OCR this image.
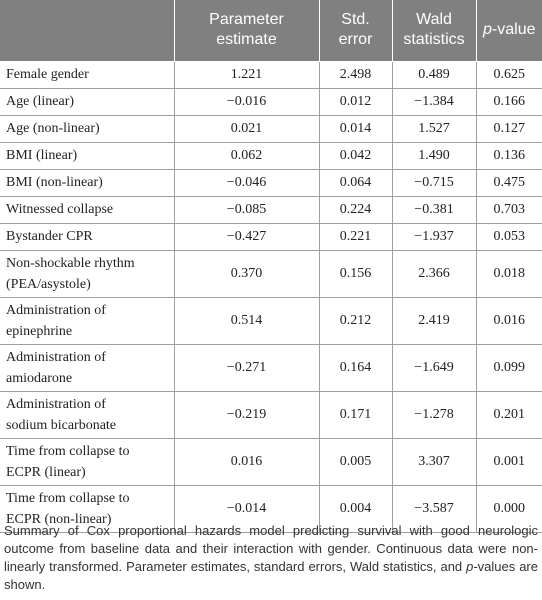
	Parameter estimate	Std. error	Wald statistics	p-value
Female gender	1.221	2.498	0.489	0.625
Age (linear)	−0.016	0.012	−1.384	0.166
Age (non-linear)	0.021	0.014	1.527	0.127
BMI (linear)	0.062	0.042	1.490	0.136
BMI (non-linear)	−0.046	0.064	−0.715	0.475
Witnessed collapse	−0.085	0.224	−0.381	0.703
Bystander CPR	−0.427	0.221	−1.937	0.053
Non-shockable rhythm
(PEA/asystole)	0.370	0.156	2.366	0.018
Administration of
epinephrine	0.514	0.212	2.419	0.016
Administration of
amiodarone	−0.271	0.164	−1.649	0.099
Administration of
sodium bicarbonate	−0.219	0.171	−1.278	0.201
Time from collapse to
ECPR (linear)	0.016	0.005	3.307	0.001
Time from collapse to
ECPR (non-linear)	−0.014	0.004	−3.587	0.000

Summary of Cox proportional hazards model predicting survival with good neurologic outcome from baseline data and their interaction with gender. Continuous data were non-linearly transformed. Parameter estimates, standard errors, Wald statistics, and p-values are shown.
